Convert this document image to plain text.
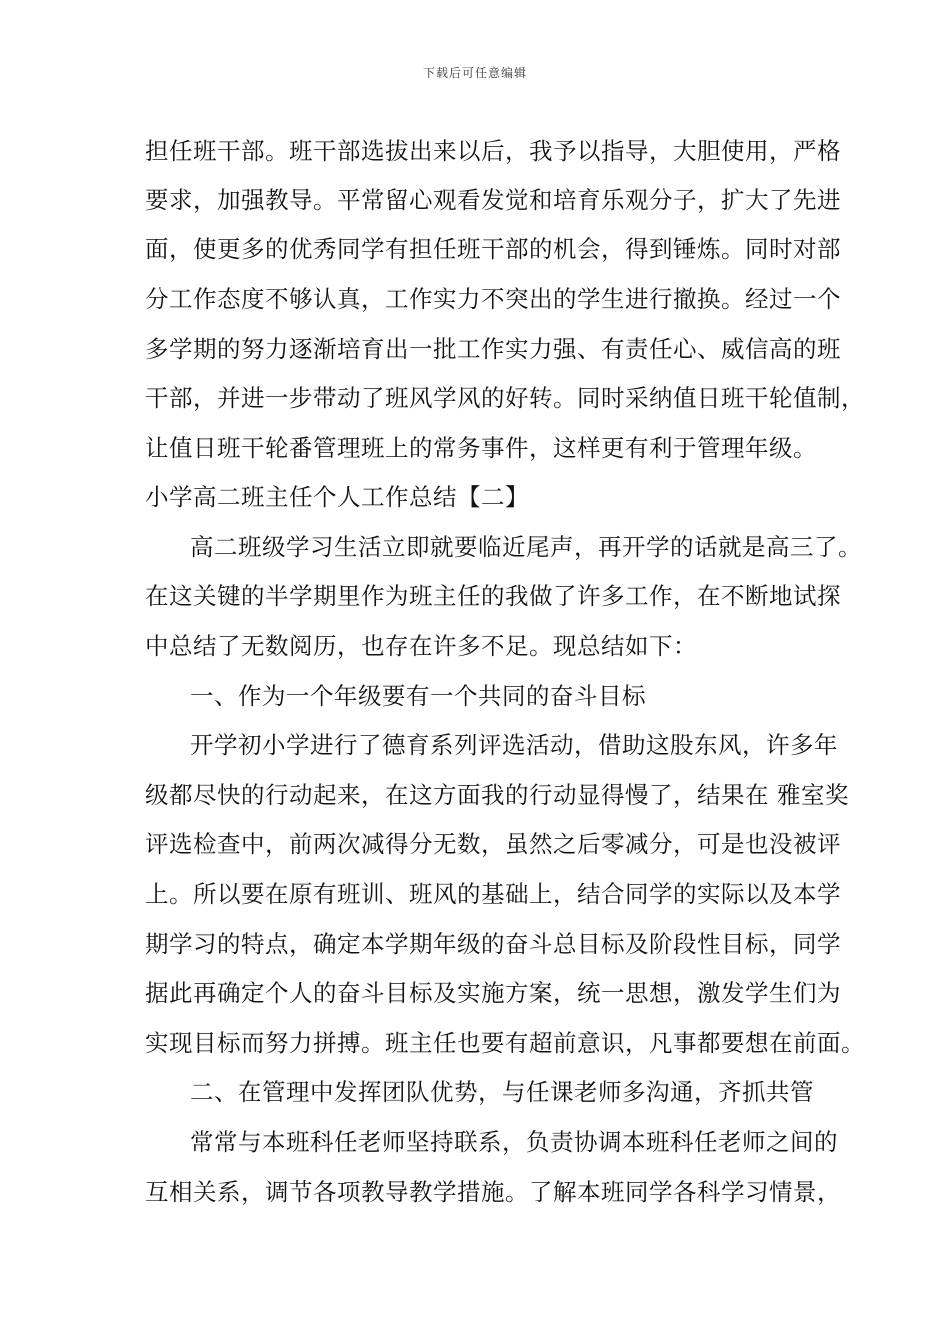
下载后可任意编辑
担任班干部。班干部选拔出来以后，我予以指导，大胆使用，严格
要求，加强教导。平常留心观看发觉和培育乐观分子，扩大了先进
面，使更多的优秀同学有担任班干部的机会，得到锤炼。同时对部
分工作态度不够认真，工作实力不突出的学生进行撤换。经过一个
多学期的努力逐渐培育出一批工作实力强、有责任心、威信高的班
干部，并进一步带动了班风学风的好转。同时采纳值日班干轮值制，
让值日班干轮番管理班上的常务事件，这样更有利于管理年级。
小学高二班主任个人工作总结【二】
高二班级学习生活立即就要临近尾声，再开学的话就是高三了。
在这关键的半学期里作为班主任的我做了许多工作，在不断地试探
中总结了无数阅历，也存在许多不足。现总结如下：
一、作为一个年级要有一个共同的奋斗目标
开学初小学进行了德育系列评选活动，借助这股东风，许多年
级都尽快的行动起来，在这方面我的行动显得慢了，结果在 雅室奖
评选检查中，前两次减得分无数，虽然之后零减分，可是也没被评
上。所以要在原有班训、班风的基础上，结合同学的实际以及本学
期学习的特点，确定本学期年级的奋斗总目标及阶段性目标，同学
据此再确定个人的奋斗目标及实施方案，统一思想，激发学生们为
实现目标而努力拼搏。班主任也要有超前意识，凡事都要想在前面。
二、在管理中发挥团队优势，与任课老师多沟通，齐抓共管
常常与本班科任老师坚持联系，负责协调本班科任老师之间的
互相关系，调节各项教导教学措施。了解本班同学各科学习情景，
